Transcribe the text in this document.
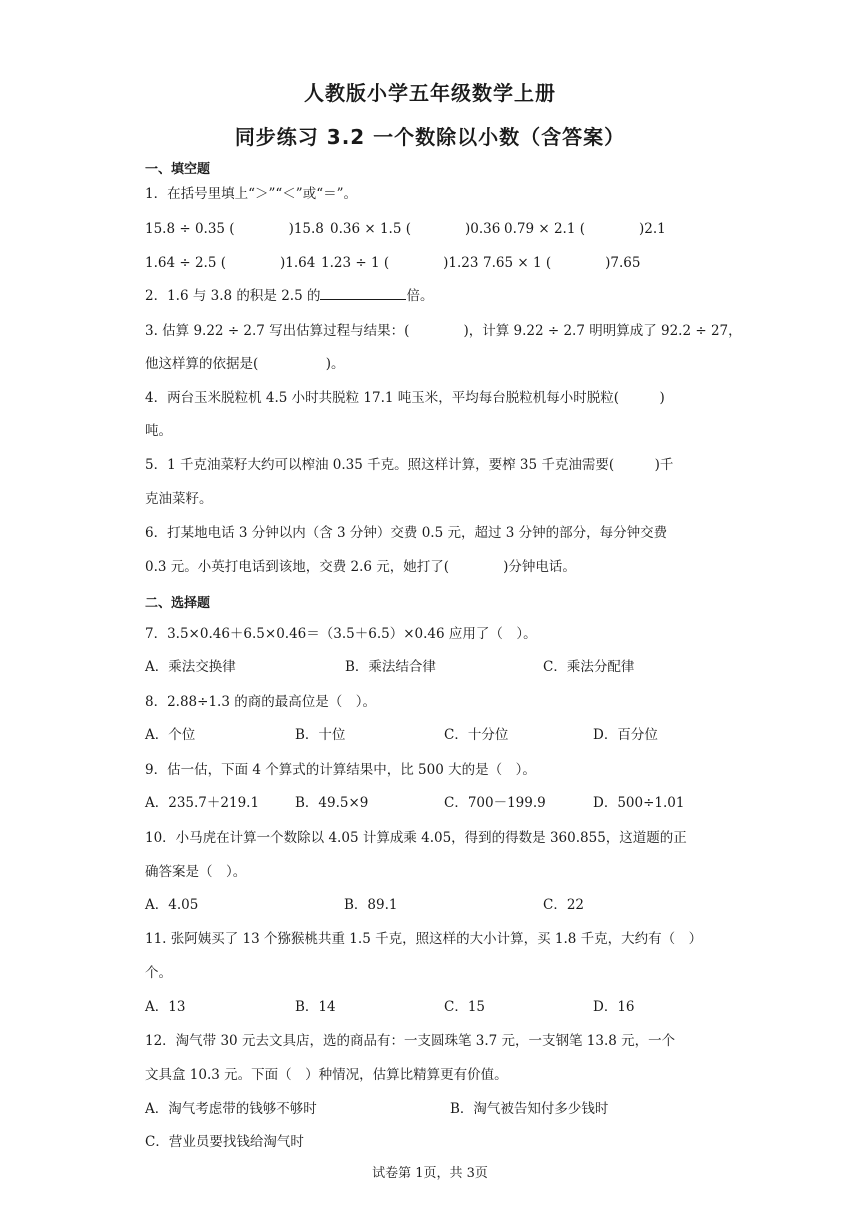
人教版小学五年级数学上册
同步练习 3.2 一个数除以小数（含答案）
一、填空题
1．在括号里填上“＞”“＜”或“＝”。
15.8 ÷ 0.35 (　　　　)15.8 0.36 × 1.5 (　　　　)0.36 0.79 × 2.1 (　　　　)2.1
1.64 ÷ 2.5 (　　　　)1.64 1.23 ÷ 1 (　　　　)1.23 7.65 × 1 (　　　　)7.65
2．1.6 与 3.8 的积是 2.5 的	倍。
3. 估算 9.22 ÷ 2.7 写出估算过程与结果：(　　　　)，计算 9.22 ÷ 2.7 明明算成了 92.2 ÷ 27，
他这样算的依据是(　　　　　)。
4．两台玉米脱粒机 4.5 小时共脱粒 17.1 吨玉米，平均每台脱粒机每小时脱粒(　　　)
吨。
5．1 千克油菜籽大约可以榨油 0.35 千克。照这样计算，要榨 35 千克油需要(　　　)千
克油菜籽。
6．打某地电话 3 分钟以内（含 3 分钟）交费 0.5 元，超过 3 分钟的部分，每分钟交费
0.3 元。小英打电话到该地，交费 2.6 元，她打了(　　　　)分钟电话。
二、选择题
7．3.5×0.46＋6.5×0.46＝（3.5＋6.5）×0.46 应用了（　）。
A．乘法交换律	B．乘法结合律	C．乘法分配律
8．2.88÷1.3 的商的最高位是（　）。
A．个位	B．十位	C．十分位	D．百分位
9．估一估，下面 4 个算式的计算结果中，比 500 大的是（　）。
A．235.7＋219.1	B．49.5×9	C．700－199.9	D．500÷1.01
10．小马虎在计算一个数除以 4.05 计算成乘 4.05，得到的得数是 360.855，这道题的正
确答案是（　）。
A．4.05	B．89.1	C．22
11. 张阿姨买了 13 个猕猴桃共重 1.5 千克，照这样的大小计算，买 1.8 千克，大约有（　）
个。
A．13	B．14	C．15	D．16
12．淘气带 30 元去文具店，选的商品有：一支圆珠笔 3.7 元，一支钢笔 13.8 元，一个
文具盒 10.3 元。下面（　）种情况，估算比精算更有价值。
A．淘气考虑带的钱够不够时	B．淘气被告知付多少钱时
C．营业员要找钱给淘气时
试卷第 1页，共 3页
